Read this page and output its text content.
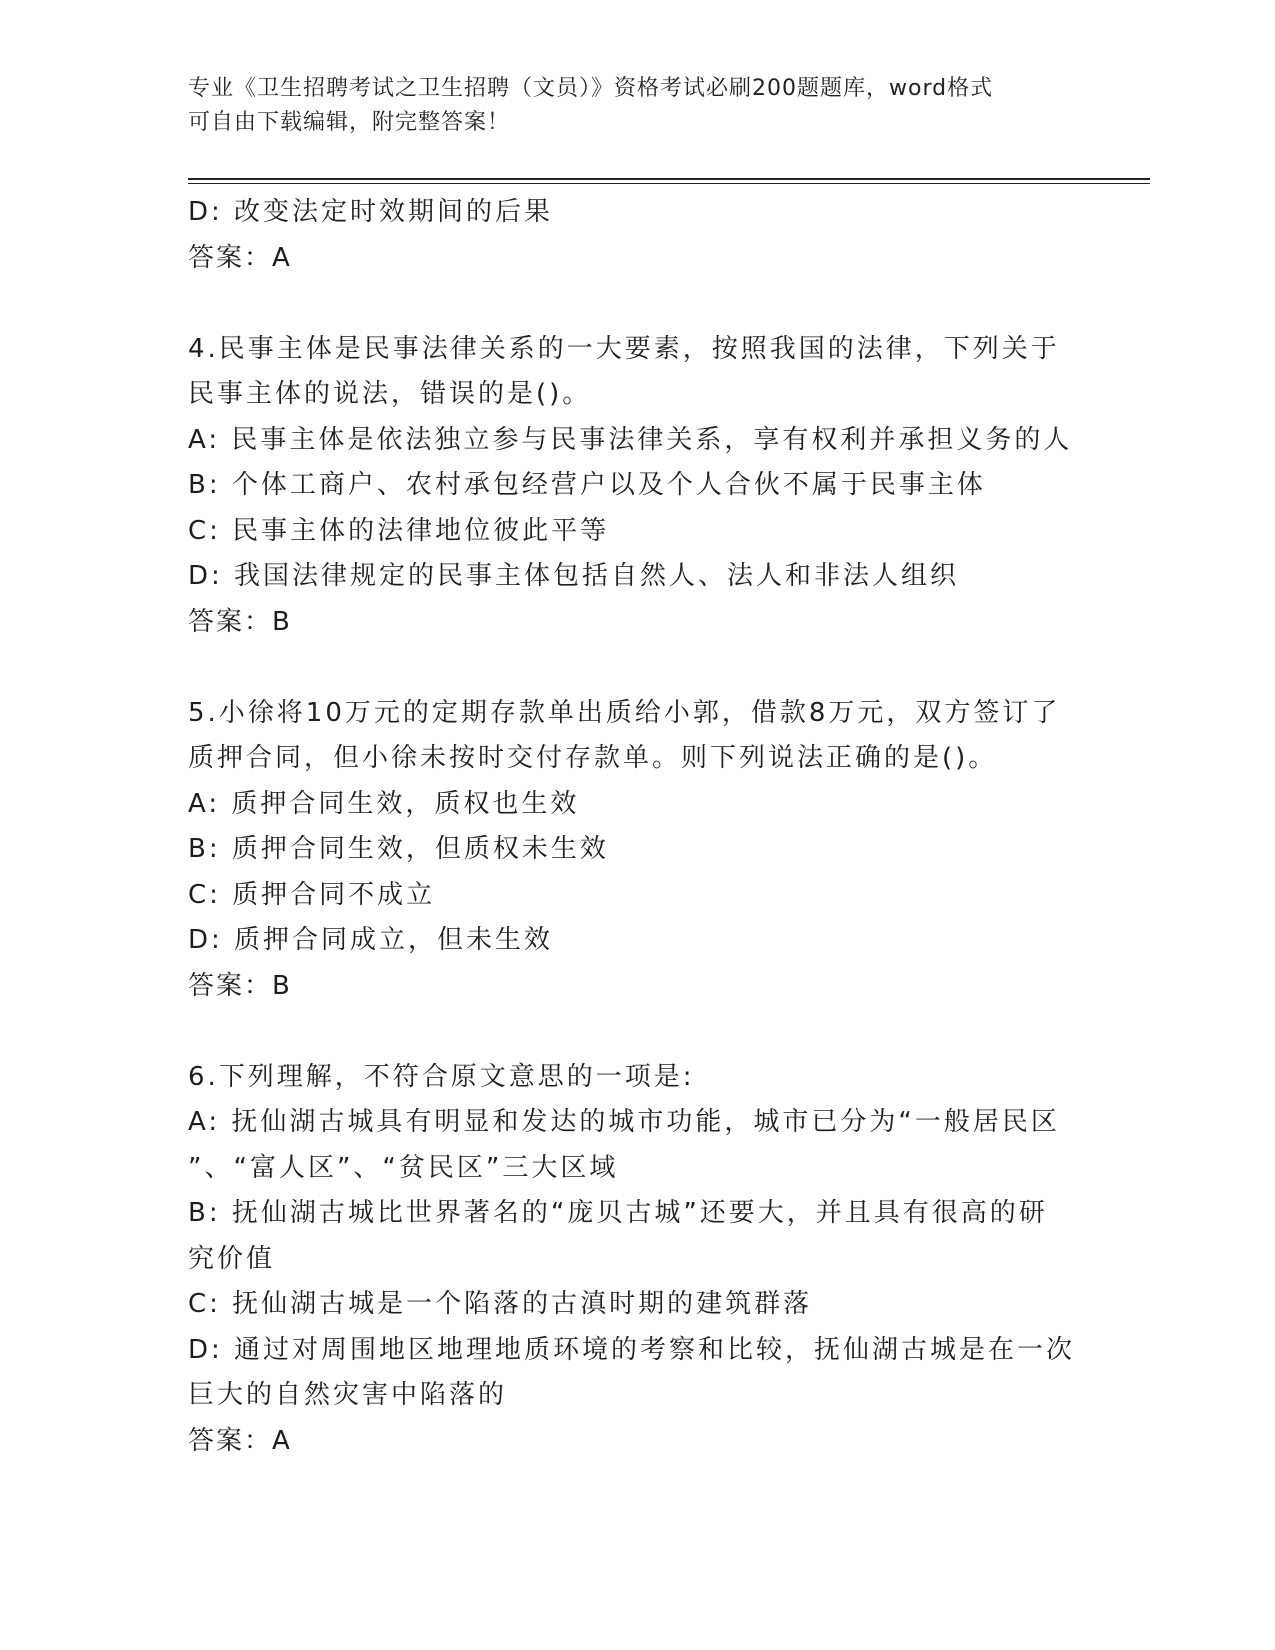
专业《卫生招聘考试之卫生招聘（文员）》资格考试必刷200题题库，word格式
可自由下载编辑，附完整答案！
D: 改变法定时效期间的后果
答案：A
4.民事主体是民事法律关系的一大要素，按照我国的法律，下列关于
民事主体的说法，错误的是()。
A: 民事主体是依法独立参与民事法律关系，享有权利并承担义务的人
B: 个体工商户、农村承包经营户以及个人合伙不属于民事主体
C: 民事主体的法律地位彼此平等
D: 我国法律规定的民事主体包括自然人、法人和非法人组织
答案：B
5.小徐将10万元的定期存款单出质给小郭，借款8万元，双方签订了
质押合同，但小徐未按时交付存款单。则下列说法正确的是()。
A: 质押合同生效，质权也生效
B: 质押合同生效，但质权未生效
C: 质押合同不成立
D: 质押合同成立，但未生效
答案：B
6.下列理解，不符合原文意思的一项是:
A: 抚仙湖古城具有明显和发达的城市功能，城市已分为“一般居民区
”、“富人区”、“贫民区”三大区域
B: 抚仙湖古城比世界著名的“庞贝古城”还要大，并且具有很高的研
究价值
C: 抚仙湖古城是一个陷落的古滇时期的建筑群落
D: 通过对周围地区地理地质环境的考察和比较，抚仙湖古城是在一次
巨大的自然灾害中陷落的
答案：A
